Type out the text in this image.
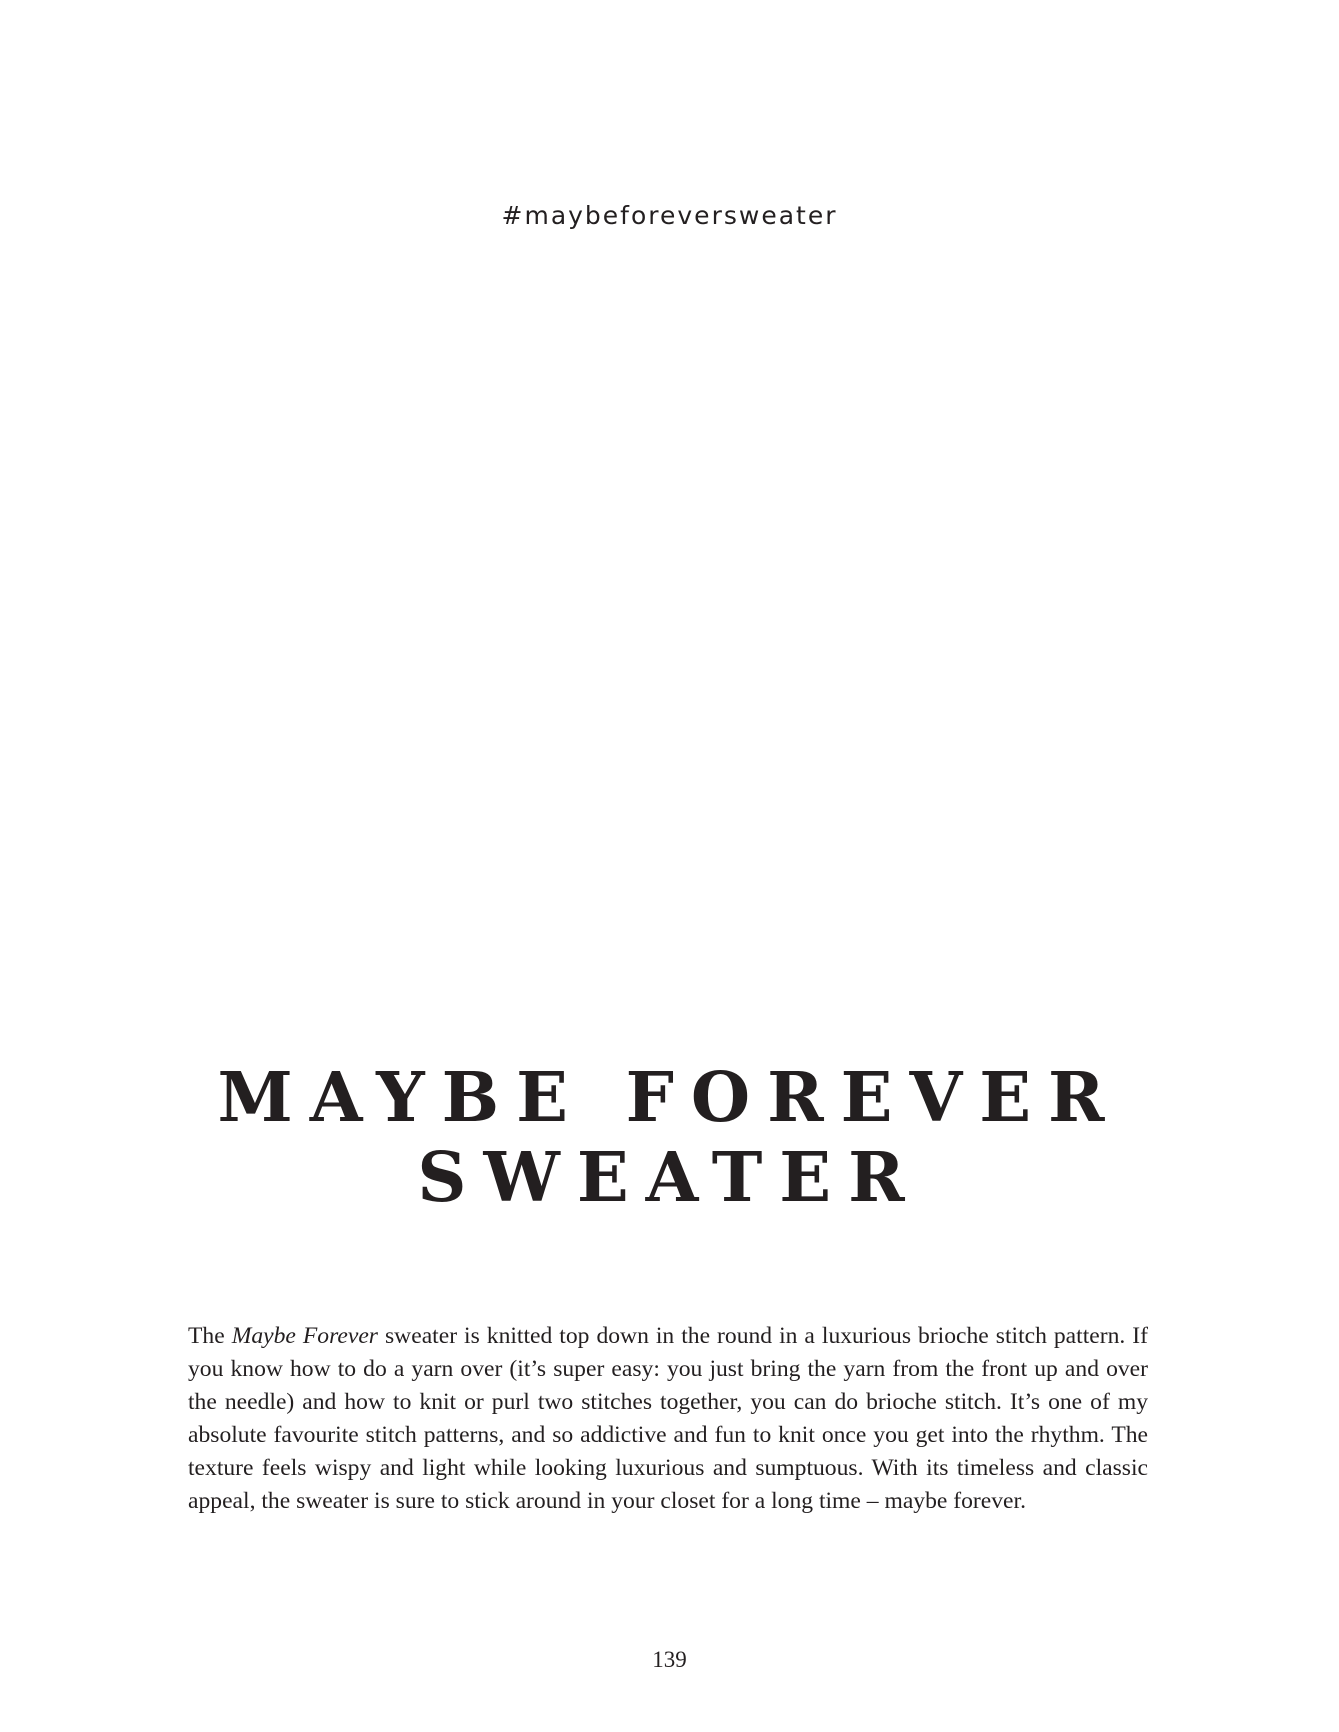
#maybeforeversweater
MAYBE FOREVER
SWEATER

The Maybe Forever sweater is knitted top down in the round in a luxurious brioche stitch pattern. If you know how to do a yarn over (it’s super easy: you just bring the yarn from the front up and over the needle) and how to knit or purl two stitches together, you can do brioche stitch. It’s one of my absolute favourite stitch patterns, and so addictive and fun to knit once you get into the rhythm. The texture feels wispy and light while looking luxurious and sumptuous. With its timeless and classic appeal, the sweater is sure to stick around in your closet for a long time – maybe forever.

139
